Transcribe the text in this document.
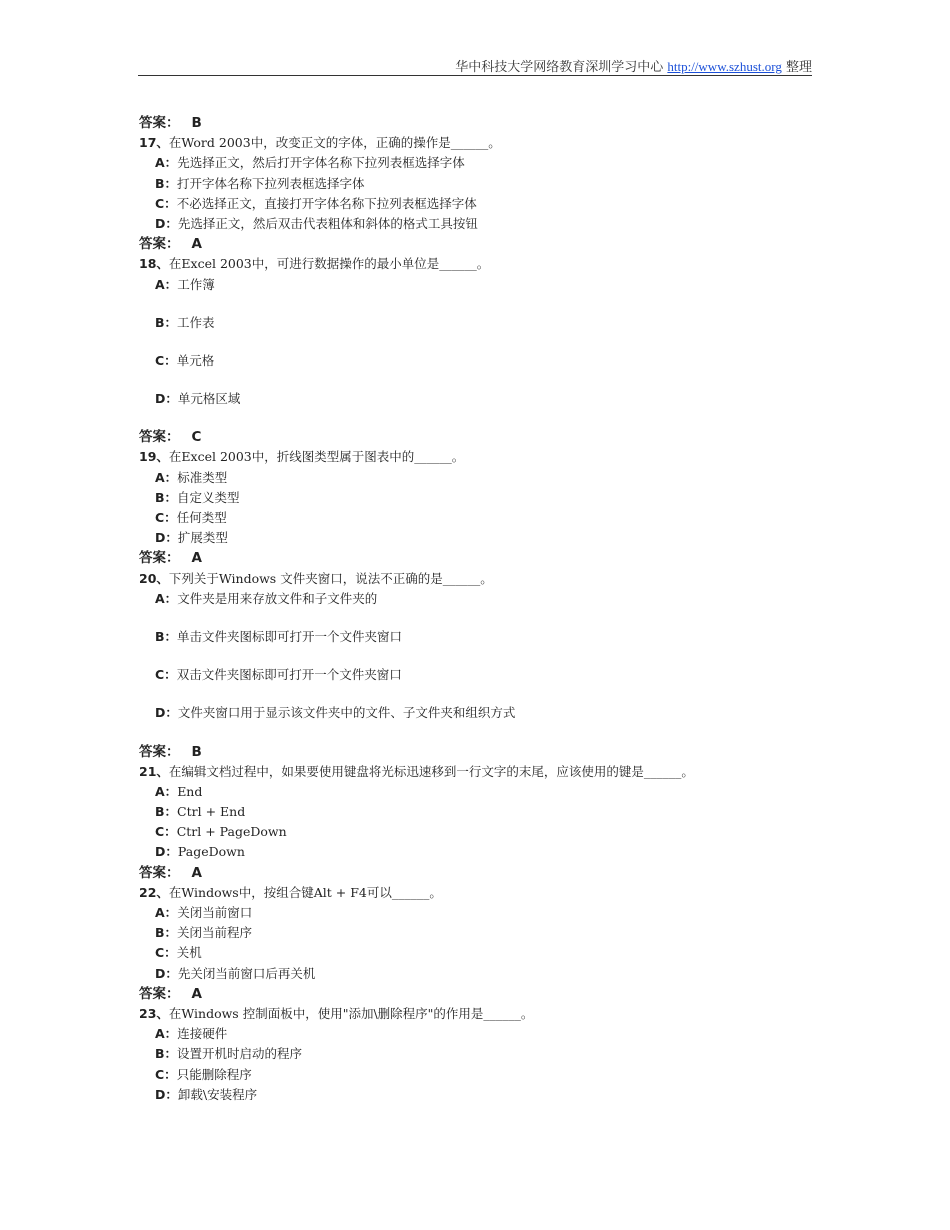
华中科技大学网络教育深圳学习中心 http://www.szhust.org 整理
答案： B
17、在Word 2003中，改变正文的字体，正确的操作是______。
A：先选择正文，然后打开字体名称下拉列表框选择字体
B：打开字体名称下拉列表框选择字体
C：不必选择正文，直接打开字体名称下拉列表框选择字体
D：先选择正文，然后双击代表粗体和斜体的格式工具按钮
答案： A
18、在Excel 2003中，可进行数据操作的最小单位是______。
A：工作簿
B：工作表
C：单元格
D：单元格区域
答案： C
19、在Excel 2003中，折线图类型属于图表中的______。
A：标准类型
B：自定义类型
C：任何类型
D：扩展类型
答案： A
20、下列关于Windows 文件夹窗口，说法不正确的是______。
A：文件夹是用来存放文件和子文件夹的
B：单击文件夹图标即可打开一个文件夹窗口
C：双击文件夹图标即可打开一个文件夹窗口
D：文件夹窗口用于显示该文件夹中的文件、子文件夹和组织方式
答案： B
21、在编辑文档过程中，如果要使用键盘将光标迅速移到一行文字的末尾，应该使用的键是______。
A：End
B：Ctrl + End
C：Ctrl + PageDown
D：PageDown
答案： A
22、在Windows中，按组合键Alt + F4可以______。
A：关闭当前窗口
B：关闭当前程序
C：关机
D：先关闭当前窗口后再关机
答案： A
23、在Windows 控制面板中，使用"添加\删除程序"的作用是______。
A：连接硬件
B：设置开机时启动的程序
C：只能删除程序
D：卸载\安装程序
